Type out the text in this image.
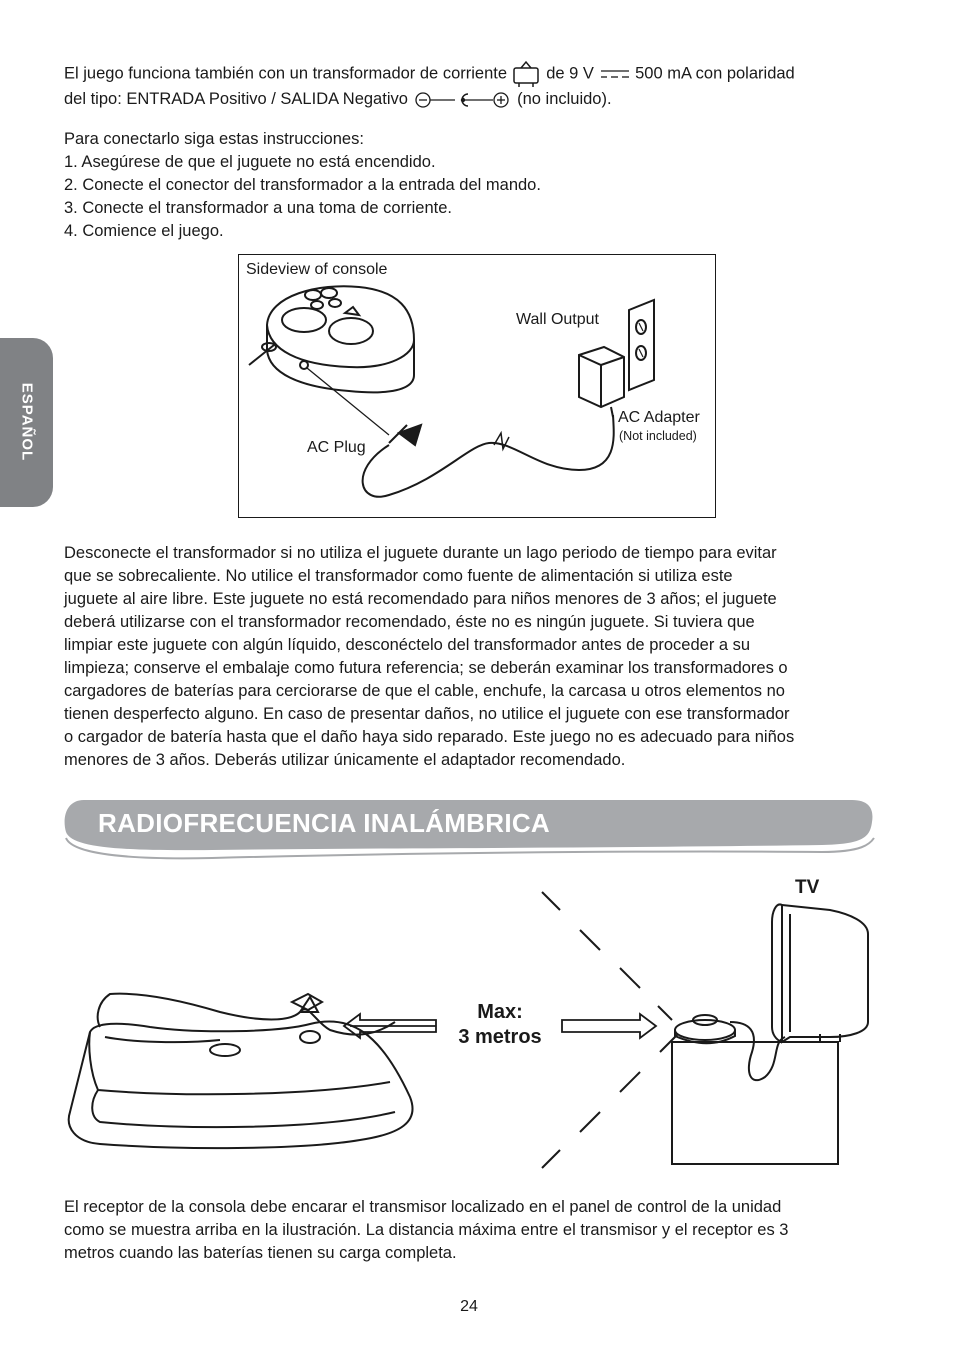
El juego funciona también con un transformador de corriente de 9 V 500 mA con polaridad

del tipo: ENTRADA Positivo / SALIDA Negativo	(no incluido).

Para conectarlo siga estas instrucciones:

1. Asegúrese de que el juguete no está encendido.

2. Conecte el conector del transformador a la entrada del mando.

3. Conecte el transformador a una toma de corriente.

4. Comience el juego.

ESPAÑOL
Sideview of console
Wall Output
AC Adapter
(Not included)
AC Plug

Desconecte el transformador si no utiliza el juguete durante un lago periodo de tiempo para evitar

que se sobrecaliente. No utilice el transformador como fuente de alimentación si utiliza este

juguete al aire libre. Este juguete no está recomendado para niños menores de 3 años; el juguete

deberá utilizarse con el transformador recomendado, éste no es ningún juguete. Si tuviera que

limpiar este juguete con algún líquido, desconéctelo del transformador antes de proceder a su

limpieza; conserve el embalaje como futura referencia; se deberán examinar los transformadores o

cargadores de baterías para cerciorarse de que el cable, enchufe, la carcasa u otros elementos no

tienen desperfecto alguno. En caso de presentar daños, no utilice el juguete con ese transformador

o cargador de batería hasta que el daño haya sido reparado. Este juego no es adecuado para niños

menores de 3 años. Deberás utilizar únicamente el adaptador recomendado.

RADIOFRECUENCIA INALÁMBRICA
TV
Max:
3 metros

El receptor de la consola debe encarar el transmisor localizado en el panel de control de la unidad

como se muestra arriba en la ilustración. La distancia máxima entre el transmisor y el receptor es 3

metros cuando las baterías tienen su carga completa.

24
